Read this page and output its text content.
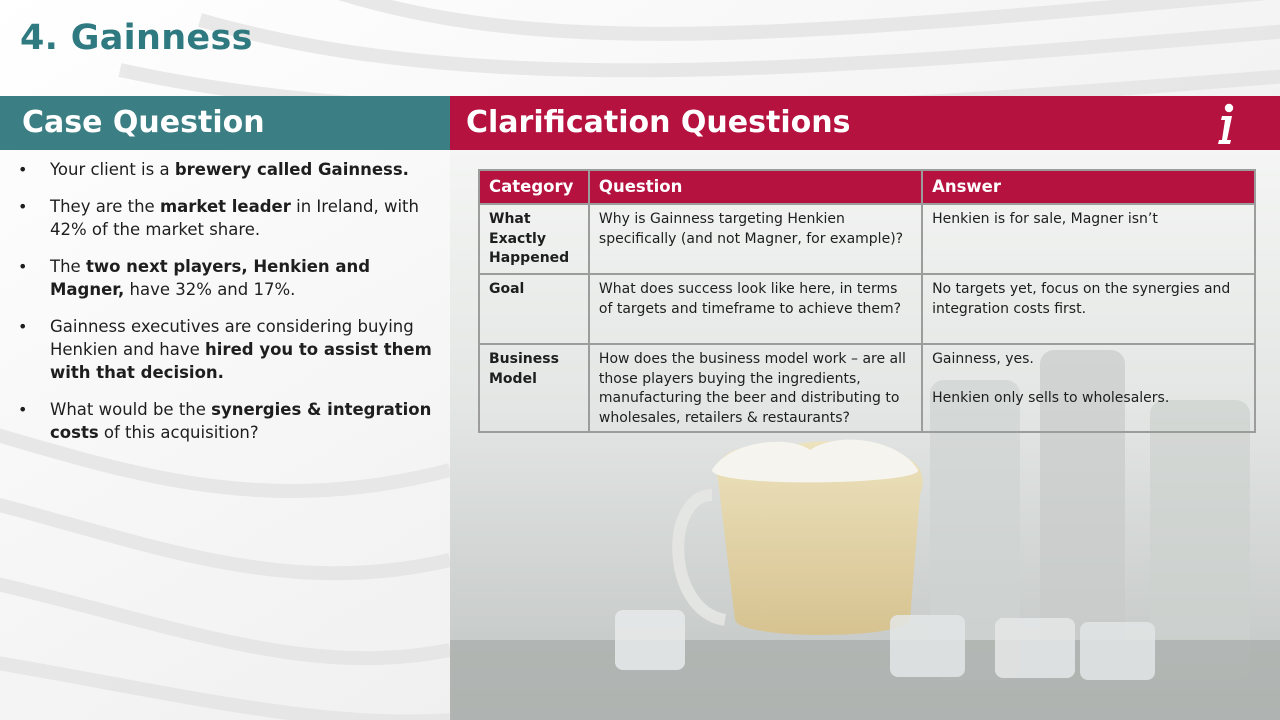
4. Gainness
Case Question	Clarification Questions
• Your client is a brewery called Gainness.
• They are the market leader in Ireland, with 42% of the market share.
• The two next players, Henkien and Magner, have 32% and 17%.
• Gainness executives are considering buying Henkien and have hired you to assist them with that decision.
• What would be the synergies & integration costs of this acquisition?
Category	Question	Answer
What Exactly Happened	Why is Gainness targeting Henkien specifically (and not Magner, for example)?	Henkien is for sale, Magner isn’t
Goal	What does success look like here, in terms of targets and timeframe to achieve them?	No targets yet, focus on the synergies and integration costs first.
Business Model	How does the business model work – are all those players buying the ingredients, manufacturing the beer and distributing to wholesales, retailers & restaurants?	Gainness, yes.
Henkien only sells to wholesalers.
